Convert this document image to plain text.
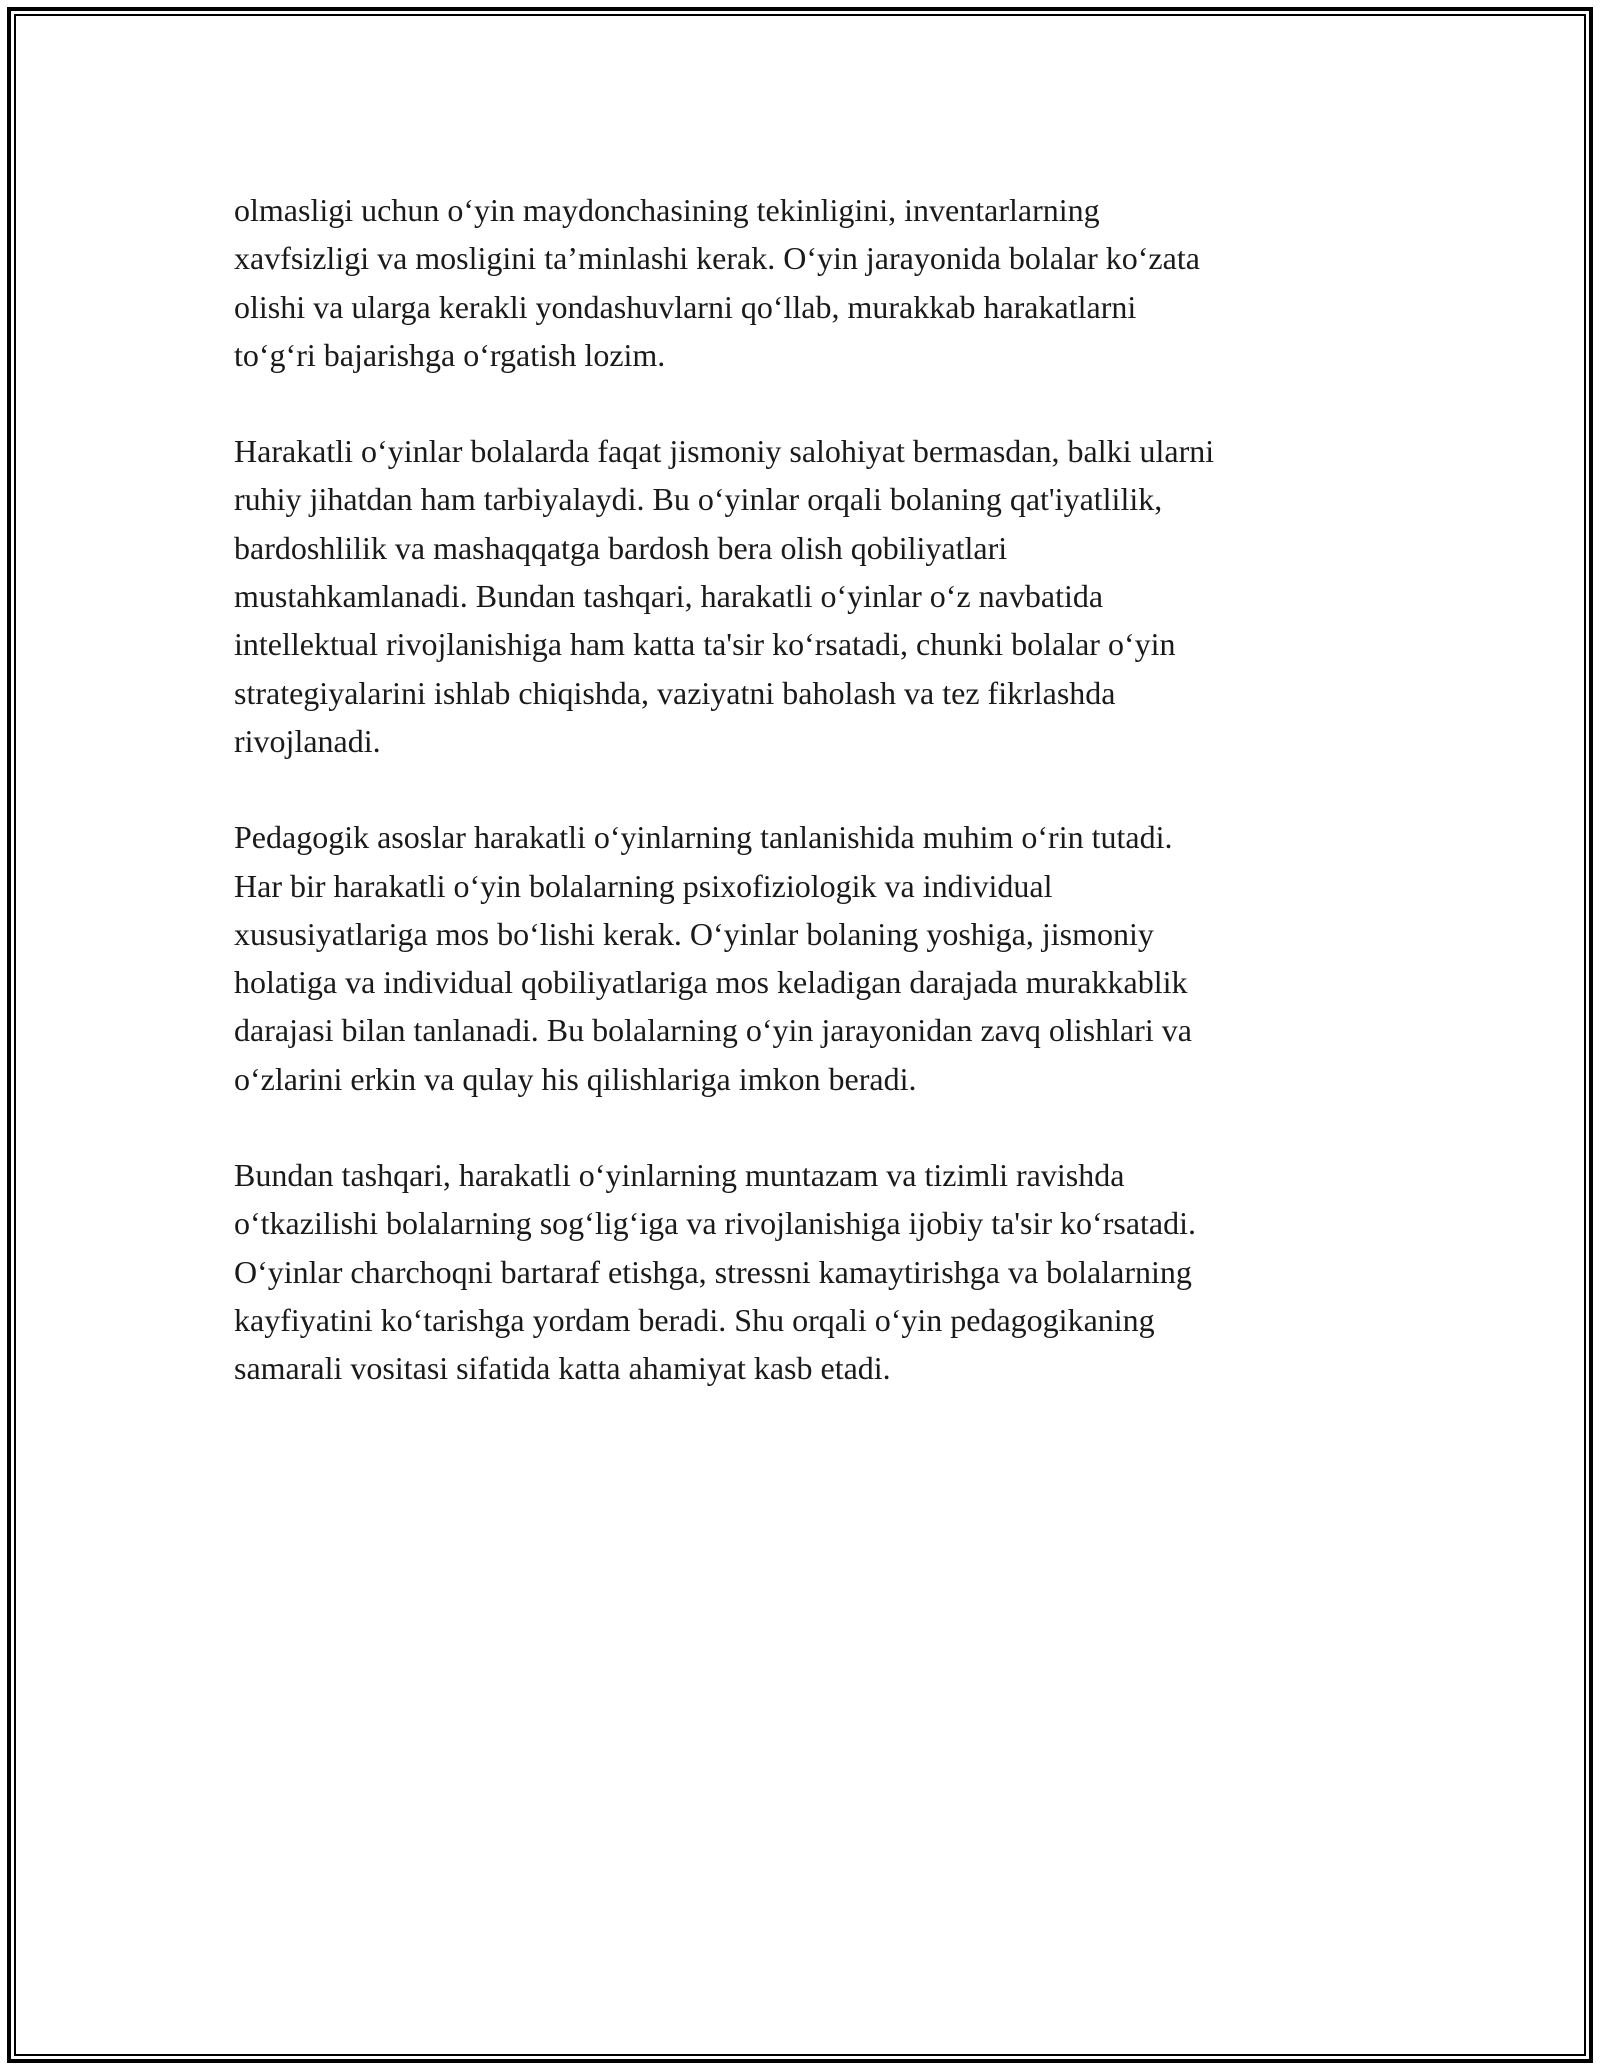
olmasligi uchun o‘yin maydonchasining tekinligini, inventarlarning
xavfsizligi va mosligini ta’minlashi kerak. O‘yin jarayonida bolalar ko‘zata
olishi va ularga kerakli yondashuvlarni qo‘llab, murakkab harakatlarni
to‘g‘ri bajarishga o‘rgatish lozim.
Harakatli o‘yinlar bolalarda faqat jismoniy salohiyat bermasdan, balki ularni
ruhiy jihatdan ham tarbiyalaydi. Bu o‘yinlar orqali bolaning qat'iyatlilik,
bardoshlilik va mashaqqatga bardosh bera olish qobiliyatlari
mustahkamlanadi. Bundan tashqari, harakatli o‘yinlar o‘z navbatida
intellektual rivojlanishiga ham katta ta'sir ko‘rsatadi, chunki bolalar o‘yin
strategiyalarini ishlab chiqishda, vaziyatni baholash va tez fikrlashda
rivojlanadi.
Pedagogik asoslar harakatli o‘yinlarning tanlanishida muhim o‘rin tutadi.
Har bir harakatli o‘yin bolalarning psixofiziologik va individual
xususiyatlariga mos bo‘lishi kerak. O‘yinlar bolaning yoshiga, jismoniy
holatiga va individual qobiliyatlariga mos keladigan darajada murakkablik
darajasi bilan tanlanadi. Bu bolalarning o‘yin jarayonidan zavq olishlari va
o‘zlarini erkin va qulay his qilishlariga imkon beradi.
Bundan tashqari, harakatli o‘yinlarning muntazam va tizimli ravishda
o‘tkazilishi bolalarning sog‘lig‘iga va rivojlanishiga ijobiy ta'sir ko‘rsatadi.
O‘yinlar charchoqni bartaraf etishga, stressni kamaytirishga va bolalarning
kayfiyatini ko‘tarishga yordam beradi. Shu orqali o‘yin pedagogikaning
samarali vositasi sifatida katta ahamiyat kasb etadi.
